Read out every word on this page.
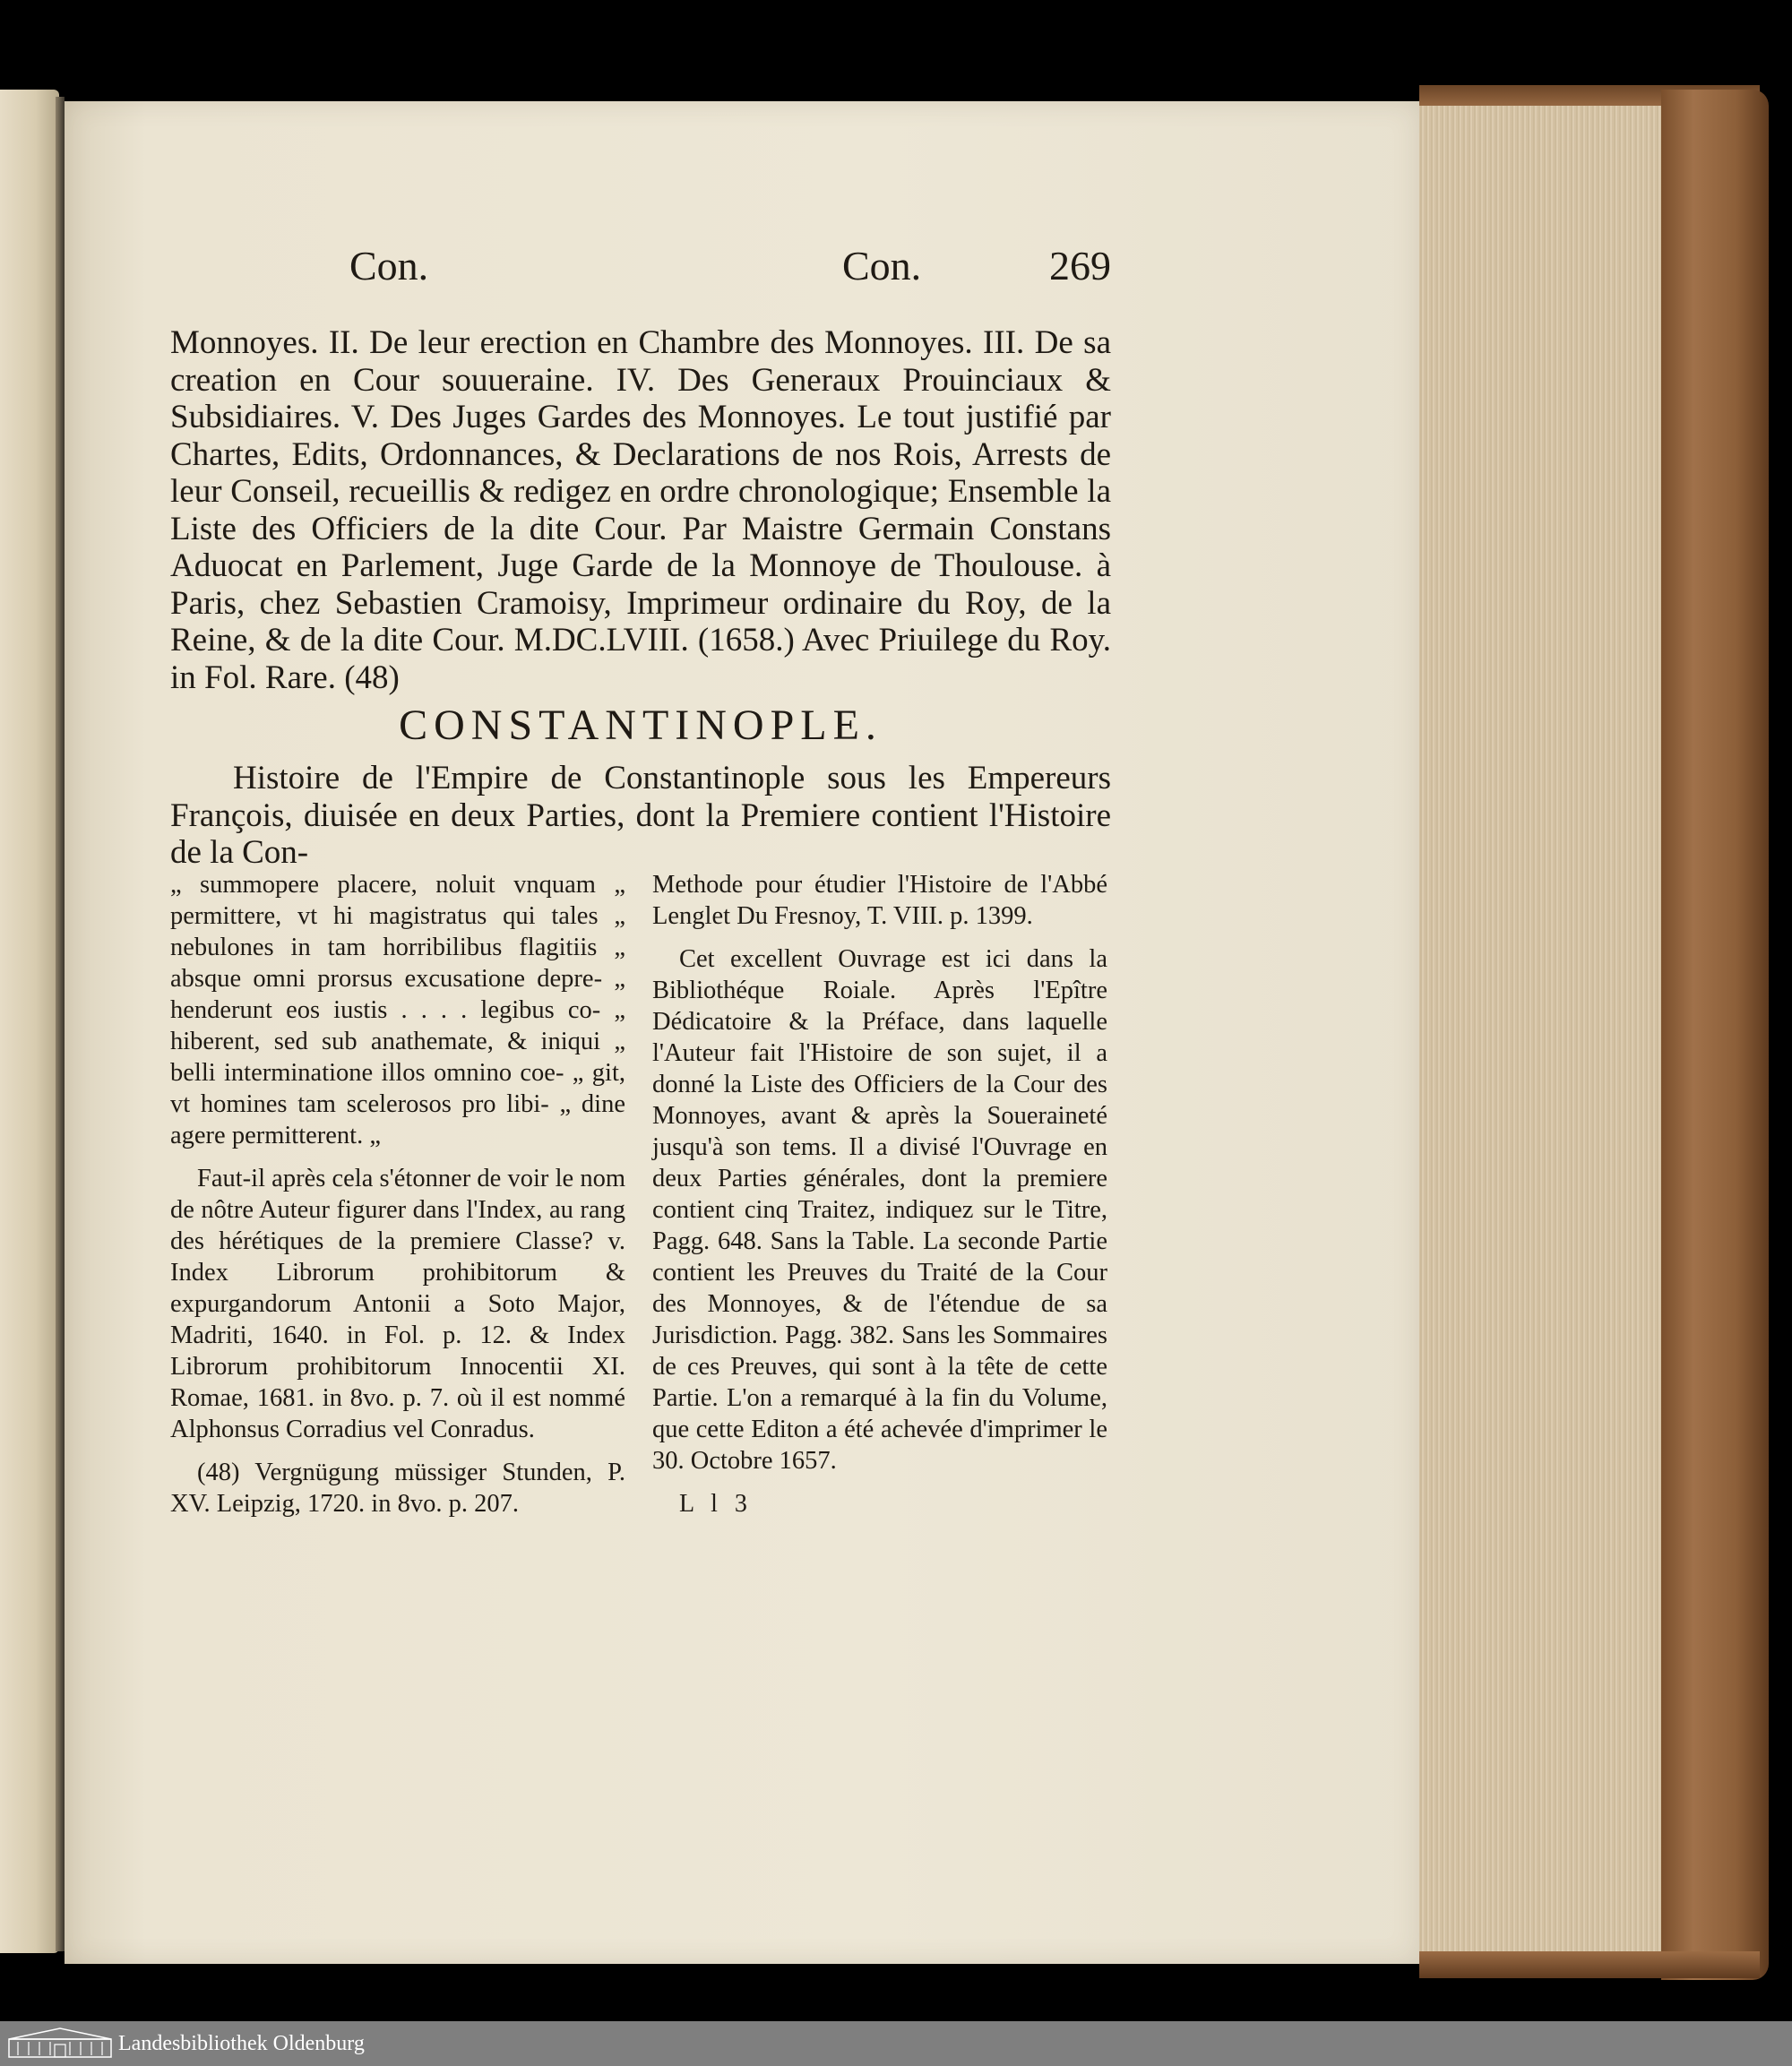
Con.	Con.	269

Monnoyes. II. De leur erection en Chambre des Monnoyes. III. De sa creation en Cour souueraine. IV. Des Generaux Prouinciaux & Subsidiaires. V. Des Juges Gardes des Monnoyes. Le tout justifié par Chartes, Edits, Ordonnances, & Declarations de nos Rois, Arrests de leur Conseil, recueillis & redigez en ordre chronologique; Ensemble la Liste des Officiers de la dite Cour. Par Maistre Germain Constans Aduocat en Parlement, Juge Garde de la Monnoye de Thoulouse. à Paris, chez Sebastien Cramoisy, Imprimeur ordinaire du Roy, de la Reine, & de la dite Cour. M.DC.LVIII. (1658.) Avec Priuilege du Roy. in Fol. Rare. (48)

CONSTANTINOPLE.

Histoire de l'Empire de Constantinople sous les Empereurs François, diuisée en deux Parties, dont la Premiere contient l'Histoire de la Con-

„ summopere placere, noluit vnquam „ permittere, vt hi magistratus qui tales „ nebulones in tam horribilibus flagitiis „ absque omni prorsus excusatione depre- „ henderunt eos iustis . . . . legibus co- „ hiberent, sed sub anathemate, & iniqui „ belli interminatione illos omnino coe- „ git, vt homines tam scelerosos pro libi- „ dine agere permitterent. „

Faut-il après cela s'étonner de voir le nom de nôtre Auteur figurer dans l'Index, au rang des hérétiques de la premiere Classe? v. Index Librorum prohibitorum & expurgandorum Antonii a Soto Major, Madriti, 1640. in Fol. p. 12. & Index Librorum prohibitorum Innocentii XI. Romae, 1681. in 8vo. p. 7. où il est nommé Alphonsus Corradius vel Conradus.

(48) Vergnügung müssiger Stunden, P. XV. Leipzig, 1720. in 8vo. p. 207.

Methode pour étudier l'Histoire de l'Abbé Lenglet Du Fresnoy, T. VIII. p. 1399.

Cet excellent Ouvrage est ici dans la Bibliothéque Roiale. Après l'Epître Dédicatoire & la Préface, dans laquelle l'Auteur fait l'Histoire de son sujet, il a donné la Liste des Officiers de la Cour des Monnoyes, avant & après la Soueraineté jusqu'à son tems. Il a divisé l'Ouvrage en deux Parties générales, dont la premiere contient cinq Traitez, indiquez sur le Titre, Pagg. 648. Sans la Table. La seconde Partie contient les Preuves du Traité de la Cour des Monnoyes, & de l'étendue de sa Jurisdiction. Pagg. 382. Sans les Sommaires de ces Preuves, qui sont à la tête de cette Partie. L'on a remarqué à la fin du Volume, que cette Editon a été achevée d'imprimer le 30. Octobre 1657.

L l 3
Landesbibliothek Oldenburg
